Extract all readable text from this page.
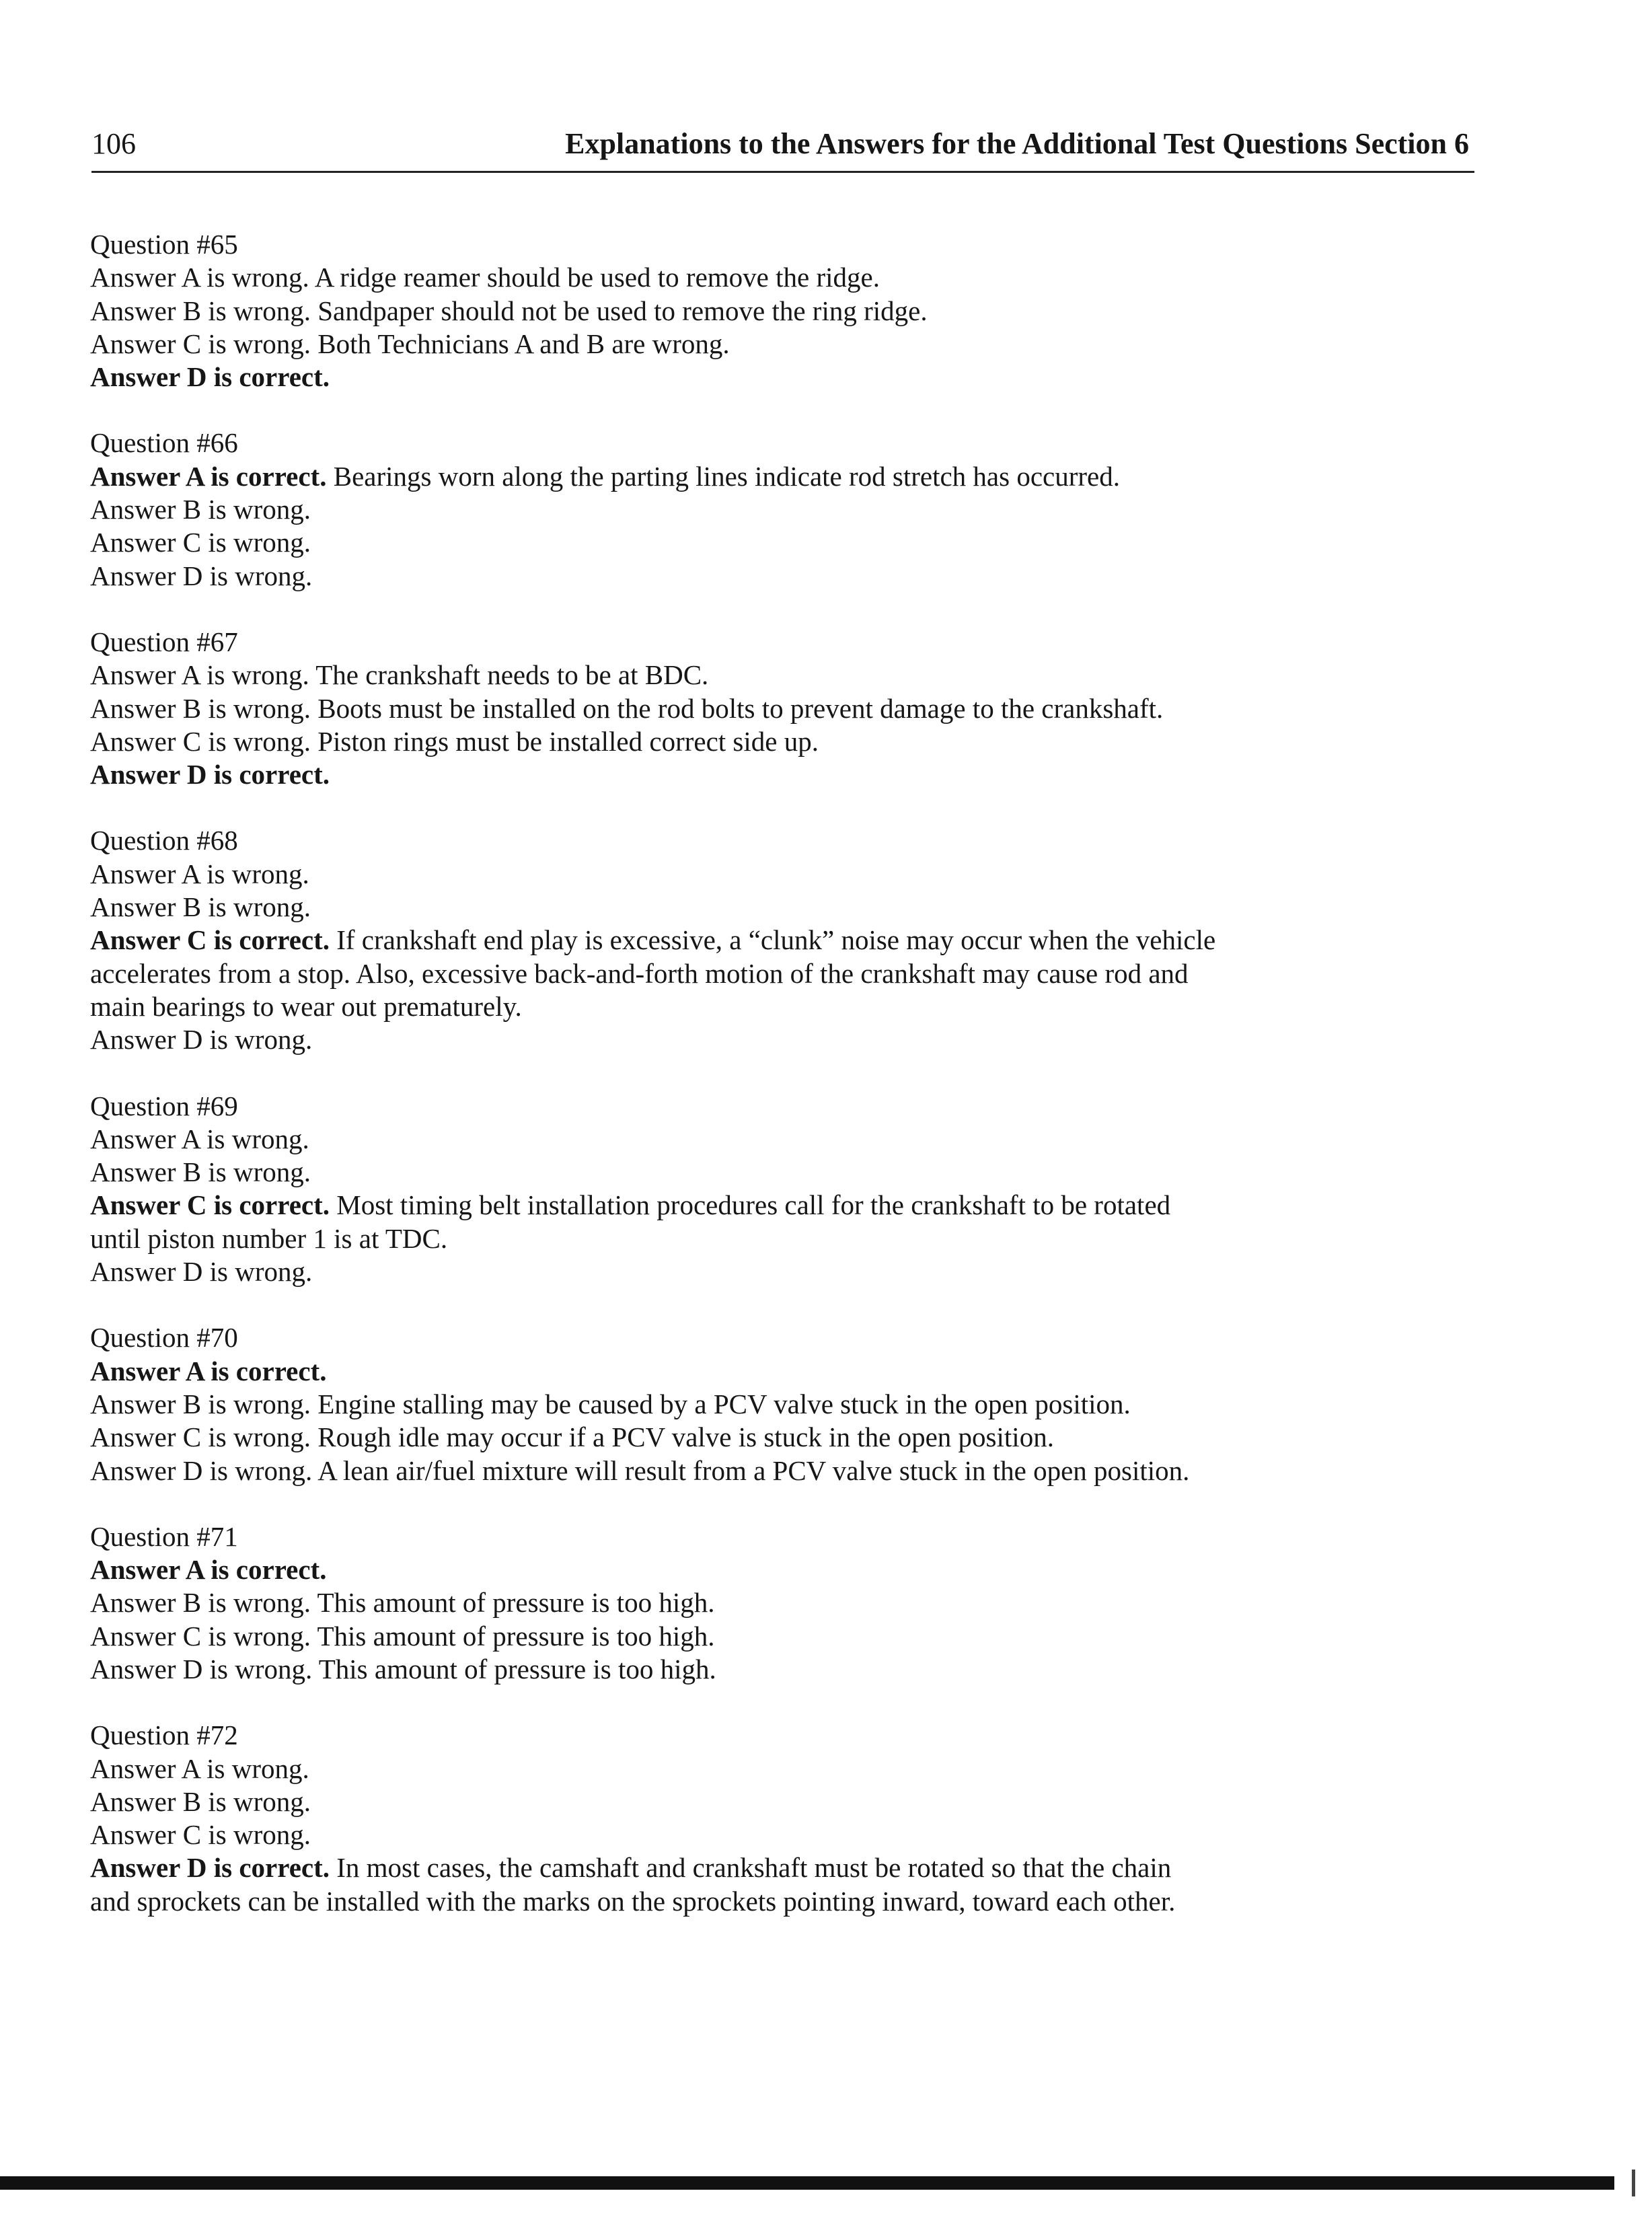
106	Explanations to the Answers for the Additional Test Questions Section 6
Question #65
Answer A is wrong. A ridge reamer should be used to remove the ridge.
Answer B is wrong. Sandpaper should not be used to remove the ring ridge.
Answer C is wrong. Both Technicians A and B are wrong.
Answer D is correct.
Question #66
Answer A is correct. Bearings worn along the parting lines indicate rod stretch has occurred.
Answer B is wrong.
Answer C is wrong.
Answer D is wrong.
Question #67
Answer A is wrong. The crankshaft needs to be at BDC.
Answer B is wrong. Boots must be installed on the rod bolts to prevent damage to the crankshaft.
Answer C is wrong. Piston rings must be installed correct side up.
Answer D is correct.
Question #68
Answer A is wrong.
Answer B is wrong.
Answer C is correct. If crankshaft end play is excessive, a “clunk” noise may occur when the vehicle
accelerates from a stop. Also, excessive back-and-forth motion of the crankshaft may cause rod and
main bearings to wear out prematurely.
Answer D is wrong.
Question #69
Answer A is wrong.
Answer B is wrong.
Answer C is correct. Most timing belt installation procedures call for the crankshaft to be rotated
until piston number 1 is at TDC.
Answer D is wrong.
Question #70
Answer A is correct.
Answer B is wrong. Engine stalling may be caused by a PCV valve stuck in the open position.
Answer C is wrong. Rough idle may occur if a PCV valve is stuck in the open position.
Answer D is wrong. A lean air/fuel mixture will result from a PCV valve stuck in the open position.
Question #71
Answer A is correct.
Answer B is wrong. This amount of pressure is too high.
Answer C is wrong. This amount of pressure is too high.
Answer D is wrong. This amount of pressure is too high.
Question #72
Answer A is wrong.
Answer B is wrong.
Answer C is wrong.
Answer D is correct. In most cases, the camshaft and crankshaft must be rotated so that the chain
and sprockets can be installed with the marks on the sprockets pointing inward, toward each other.
